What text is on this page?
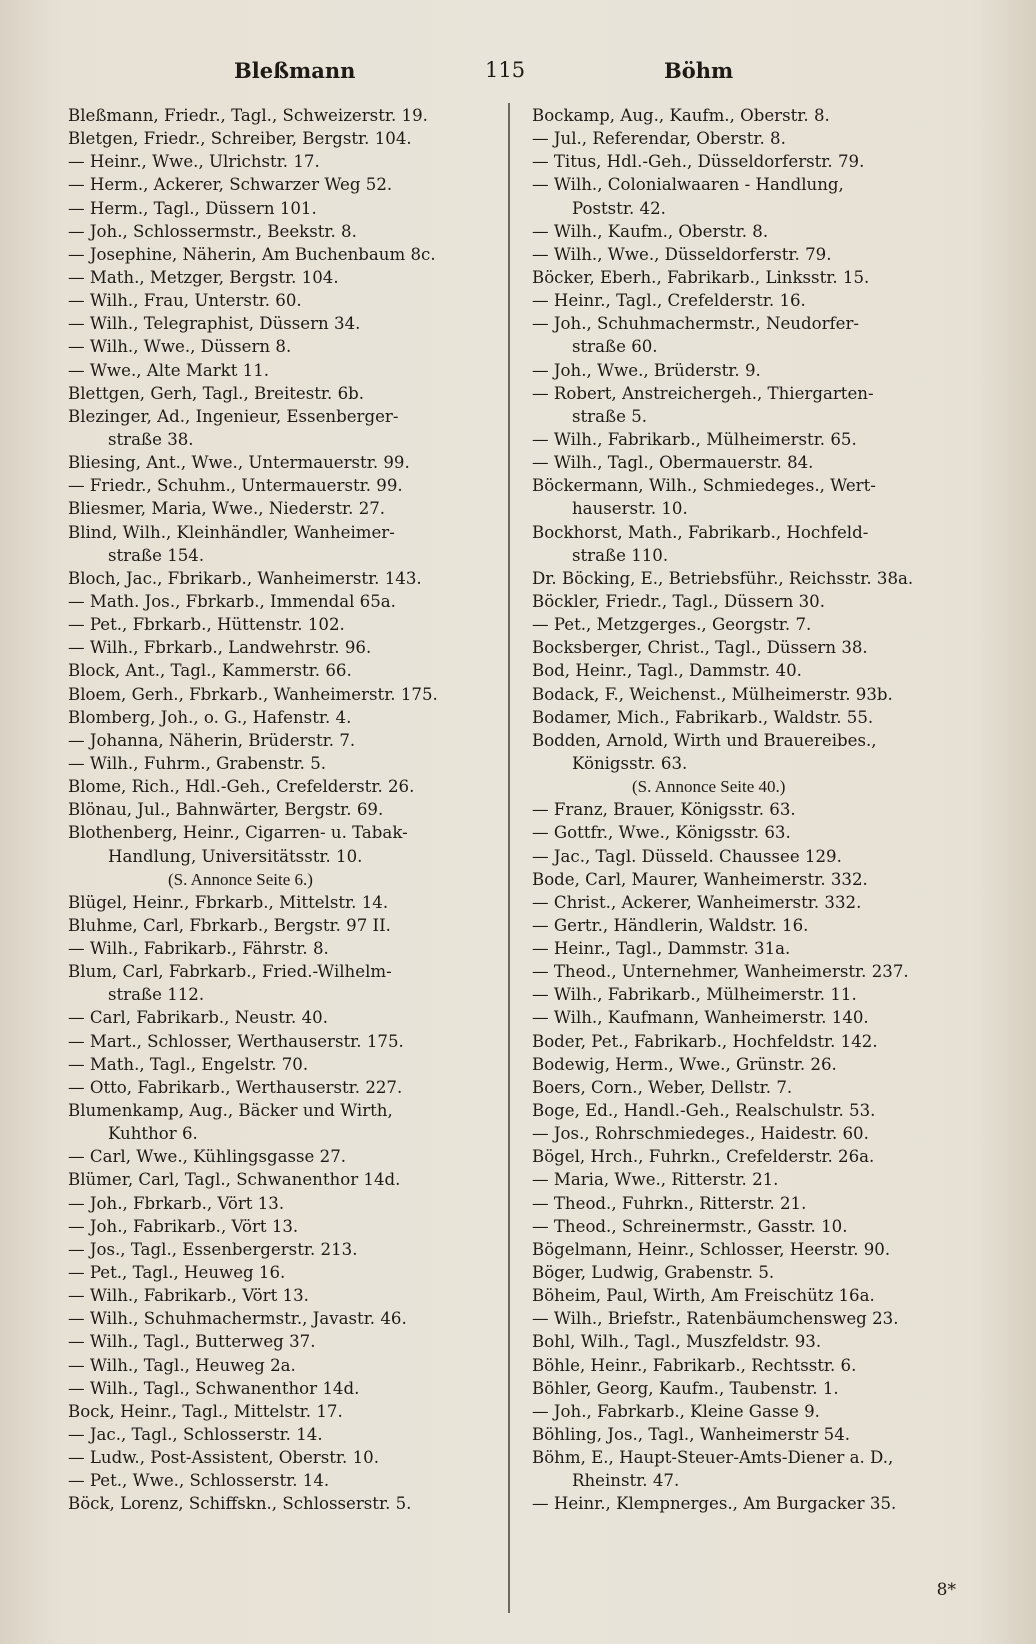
Bleßmann	115	Böhm
Bleßmann, Friedr., Tagl., Schweizerstr. 19.
Bletgen, Friedr., Schreiber, Bergstr. 104.
— Heinr., Wwe., Ulrichstr. 17.
— Herm., Ackerer, Schwarzer Weg 52.
— Herm., Tagl., Düssern 101.
— Joh., Schlossermstr., Beekstr. 8.
— Josephine, Näherin, Am Buchenbaum 8c.
— Math., Metzger, Bergstr. 104.
— Wilh., Frau, Unterstr. 60.
— Wilh., Telegraphist, Düssern 34.
— Wilh., Wwe., Düssern 8.
— Wwe., Alte Markt 11.
Blettgen, Gerh, Tagl., Breitestr. 6b.
Blezinger, Ad., Ingenieur, Essenberger-
straße 38.
Bliesing, Ant., Wwe., Untermauerstr. 99.
— Friedr., Schuhm., Untermauerstr. 99.
Bliesmer, Maria, Wwe., Niederstr. 27.
Blind, Wilh., Kleinhändler, Wanheimer-
straße 154.
Bloch, Jac., Fbrikarb., Wanheimerstr. 143.
— Math. Jos., Fbrkarb., Immendal 65a.
— Pet., Fbrkarb., Hüttenstr. 102.
— Wilh., Fbrkarb., Landwehrstr. 96.
Block, Ant., Tagl., Kammerstr. 66.
Bloem, Gerh., Fbrkarb., Wanheimerstr. 175.
Blomberg, Joh., o. G., Hafenstr. 4.
— Johanna, Näherin, Brüderstr. 7.
— Wilh., Fuhrm., Grabenstr. 5.
Blome, Rich., Hdl.-Geh., Crefelderstr. 26.
Blönau, Jul., Bahnwärter, Bergstr. 69.
Blothenberg, Heinr., Cigarren- u. Tabak-
Handlung, Universitätsstr. 10.
(S. Annonce Seite 6.)
Blügel, Heinr., Fbrkarb., Mittelstr. 14.
Bluhme, Carl, Fbrkarb., Bergstr. 97 II.
— Wilh., Fabrikarb., Fährstr. 8.
Blum, Carl, Fabrkarb., Fried.-Wilhelm-
straße 112.
— Carl, Fabrikarb., Neustr. 40.
— Mart., Schlosser, Werthauserstr. 175.
— Math., Tagl., Engelstr. 70.
— Otto, Fabrikarb., Werthauserstr. 227.
Blumenkamp, Aug., Bäcker und Wirth,
Kuhthor 6.
— Carl, Wwe., Kühlingsgasse 27.
Blümer, Carl, Tagl., Schwanenthor 14d.
— Joh., Fbrkarb., Vört 13.
— Joh., Fabrikarb., Vört 13.
— Jos., Tagl., Essenbergerstr. 213.
— Pet., Tagl., Heuweg 16.
— Wilh., Fabrikarb., Vört 13.
— Wilh., Schuhmachermstr., Javastr. 46.
— Wilh., Tagl., Butterweg 37.
— Wilh., Tagl., Heuweg 2a.
— Wilh., Tagl., Schwanenthor 14d.
Bock, Heinr., Tagl., Mittelstr. 17.
— Jac., Tagl., Schlosserstr. 14.
— Ludw., Post-Assistent, Oberstr. 10.
— Pet., Wwe., Schlosserstr. 14.
Böck, Lorenz, Schiffskn., Schlosserstr. 5.
Bockamp, Aug., Kaufm., Oberstr. 8.
— Jul., Referendar, Oberstr. 8.
— Titus, Hdl.-Geh., Düsseldorferstr. 79.
— Wilh., Colonialwaaren - Handlung,
Poststr. 42.
— Wilh., Kaufm., Oberstr. 8.
— Wilh., Wwe., Düsseldorferstr. 79.
Böcker, Eberh., Fabrikarb., Linksstr. 15.
— Heinr., Tagl., Crefelderstr. 16.
— Joh., Schuhmachermstr., Neudorfer-
straße 60.
— Joh., Wwe., Brüderstr. 9.
— Robert, Anstreichergeh., Thiergarten-
straße 5.
— Wilh., Fabrikarb., Mülheimerstr. 65.
— Wilh., Tagl., Obermauerstr. 84.
Böckermann, Wilh., Schmiedeges., Wert-
hauserstr. 10.
Bockhorst, Math., Fabrikarb., Hochfeld-
straße 110.
Dr. Böcking, E., Betriebsführ., Reichsstr. 38a.
Böckler, Friedr., Tagl., Düssern 30.
— Pet., Metzgerges., Georgstr. 7.
Bocksberger, Christ., Tagl., Düssern 38.
Bod, Heinr., Tagl., Dammstr. 40.
Bodack, F., Weichenst., Mülheimerstr. 93b.
Bodamer, Mich., Fabrikarb., Waldstr. 55.
Bodden, Arnold, Wirth und Brauereibes.,
Königsstr. 63.
(S. Annonce Seite 40.)
— Franz, Brauer, Königsstr. 63.
— Gottfr., Wwe., Königsstr. 63.
— Jac., Tagl. Düsseld. Chaussee 129.
Bode, Carl, Maurer, Wanheimerstr. 332.
— Christ., Ackerer, Wanheimerstr. 332.
— Gertr., Händlerin, Waldstr. 16.
— Heinr., Tagl., Dammstr. 31a.
— Theod., Unternehmer, Wanheimerstr. 237.
— Wilh., Fabrikarb., Mülheimerstr. 11.
— Wilh., Kaufmann, Wanheimerstr. 140.
Boder, Pet., Fabrikarb., Hochfeldstr. 142.
Bodewig, Herm., Wwe., Grünstr. 26.
Boers, Corn., Weber, Dellstr. 7.
Boge, Ed., Handl.-Geh., Realschulstr. 53.
— Jos., Rohrschmiedeges., Haidestr. 60.
Bögel, Hrch., Fuhrkn., Crefelderstr. 26a.
— Maria, Wwe., Ritterstr. 21.
— Theod., Fuhrkn., Ritterstr. 21.
— Theod., Schreinermstr., Gasstr. 10.
Bögelmann, Heinr., Schlosser, Heerstr. 90.
Böger, Ludwig, Grabenstr. 5.
Böheim, Paul, Wirth, Am Freischütz 16a.
— Wilh., Briefstr., Ratenbäumchensweg 23.
Bohl, Wilh., Tagl., Muszfeldstr. 93.
Böhle, Heinr., Fabrikarb., Rechtsstr. 6.
Böhler, Georg, Kaufm., Taubenstr. 1.
— Joh., Fabrkarb., Kleine Gasse 9.
Böhling, Jos., Tagl., Wanheimerstr 54.
Böhm, E., Haupt-Steuer-Amts-Diener a. D.,
Rheinstr. 47.
— Heinr., Klempnerges., Am Burgacker 35.
8*
